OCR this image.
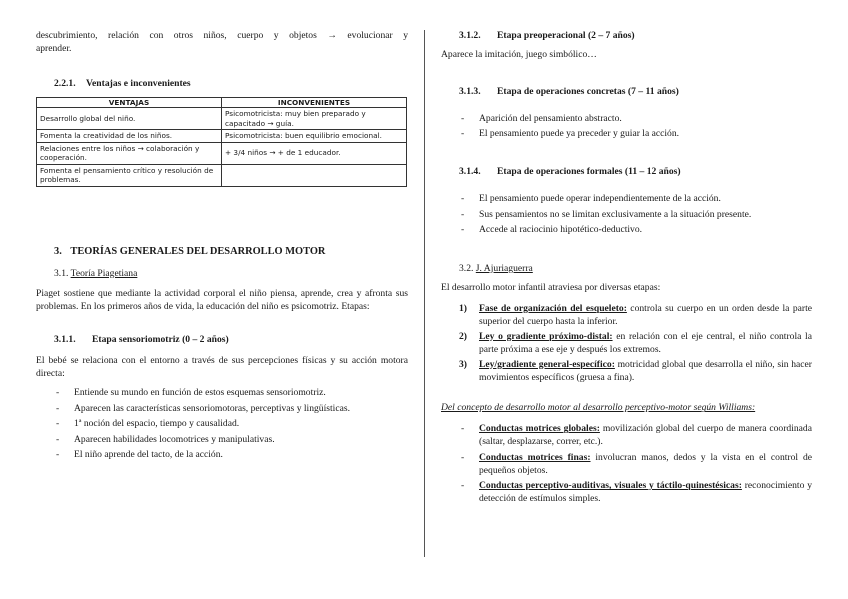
descubrimiento, relación con otros niños, cuerpo y objetos → evolucionar y
aprender.

2.2.1. Ventajas e inconvenientes
VENTAJAS	INCONVENIENTES
Desarrollo global del niño.	Psicomotricista: muy bien preparado y capacitado → guía.
Fomenta la creatividad de los niños.	Psicomotricista: buen equilibrio emocional.
Relaciones entre los niños → colaboración y cooperación.	+ 3/4 niños → + de 1 educador.
Fomenta el pensamiento crítico y resolución de problemas.	
3. TEORÍAS GENERALES DEL DESARROLLO MOTOR
3.1. Teoría Piagetiana

Piaget sostiene que mediante la actividad corporal el niño piensa, aprende, crea y afronta sus problemas. En los primeros años de vida, la educación del niño es psicomotriz. Etapas:

3.1.1. Etapa sensoriomotriz (0 – 2 años)

El bebé se relaciona con el entorno a través de sus percepciones físicas y su acción motora directa:

- Entiende su mundo en función de estos esquemas sensoriomotriz.
- Aparecen las características sensoriomotoras, perceptivas y lingüísticas.
- 1ª noción del espacio, tiempo y causalidad.
- Aparecen habilidades locomotrices y manipulativas.
- El niño aprende del tacto, de la acción.
3.1.2. Etapa preoperacional (2 – 7 años)

Aparece la imitación, juego simbólico…

3.1.3. Etapa de operaciones concretas (7 – 11 años)
- Aparición del pensamiento abstracto.
- El pensamiento puede ya preceder y guiar la acción.
3.1.4. Etapa de operaciones formales (11 – 12 años)
- El pensamiento puede operar independientemente de la acción.
- Sus pensamientos no se limitan exclusivamente a la situación presente.
- Accede al raciocinio hipotético-deductivo.
3.2. J. Ajuriaguerra

El desarrollo motor infantil atraviesa por diversas etapas:

1) Fase de organización del esqueleto: controla su cuerpo en un orden desde la parte superior del cuerpo hasta la inferior.
2) Ley o gradiente próximo-distal: en relación con el eje central, el niño controla la parte próxima a ese eje y después los extremos.
3) Ley/gradiente general-específico: motricidad global que desarrolla el niño, sin hacer movimientos específicos (gruesa a fina).
Del concepto de desarrollo motor al desarrollo perceptivo-motor según Williams:
- Conductas motrices globales: movilización global del cuerpo de manera coordinada (saltar, desplazarse, correr, etc.).
- Conductas motrices finas: involucran manos, dedos y la vista en el control de pequeños objetos.
- Conductas perceptivo-auditivas, visuales y táctilo-quinestésicas: reconocimiento y detección de estímulos simples.
